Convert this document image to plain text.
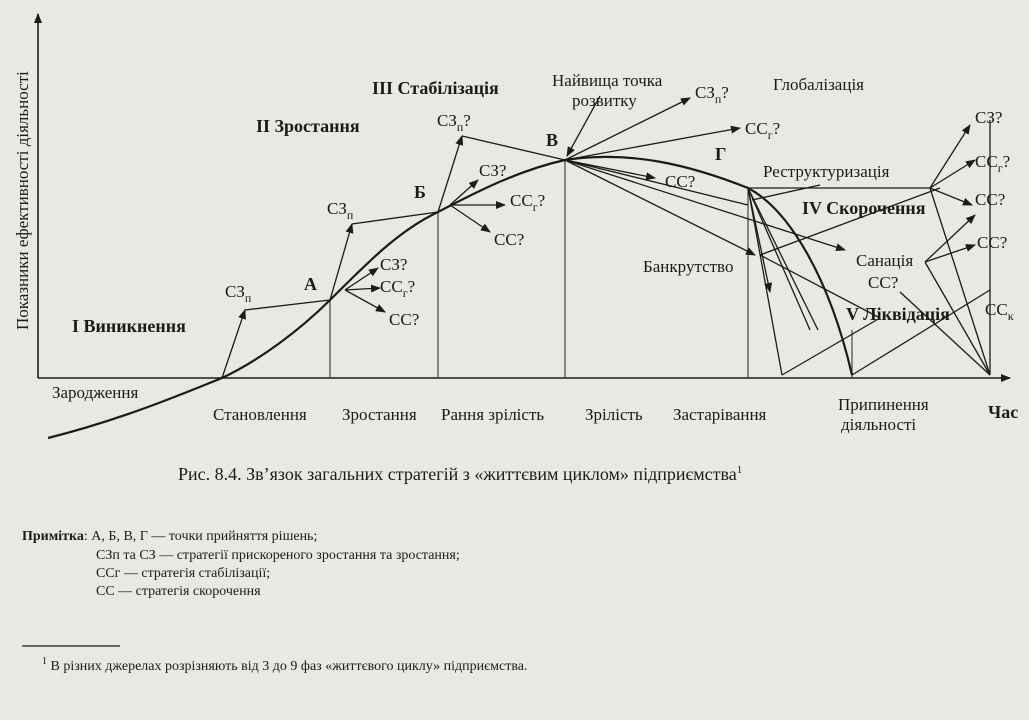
Показники ефективності діяльності
Час
Зародження
Становлення Зростання Рання зрілість Зрілість Застарівання
Припинення
діяльності
I Виникнення
II Зростання
III Стабілізація
IV Скорочення
V Ліквідація
А
Б
В
Г
Найвища точка
розвитку
Глобалізація
Реструктуризація
Банкрутство	Санація
$СЗ_п$
$СЗ_п$
СЗ?
$СС_г$?
СС?
$СЗ_п$?
СЗ?
$СС_г$?
СС?
$СЗ_п$?
$СС_г$?
СС?
СЗ?
$СС_г$?
СС?
СС?
СС?
$СС_к$
Рис. 8.4. Зв’язок загальних стратегій з «життєвим циклом» підприємства$^1$
Примітка: А, Б, В, Г — точки прийняття рішень;
СЗп та СЗ — стратегії прискореного зростання та зростання;
ССг — стратегія стабілізації;
СС — стратегія скорочення
$^1$ В різних джерелах розрізняють від 3 до 9 фаз «життєвого циклу» підприємства.
